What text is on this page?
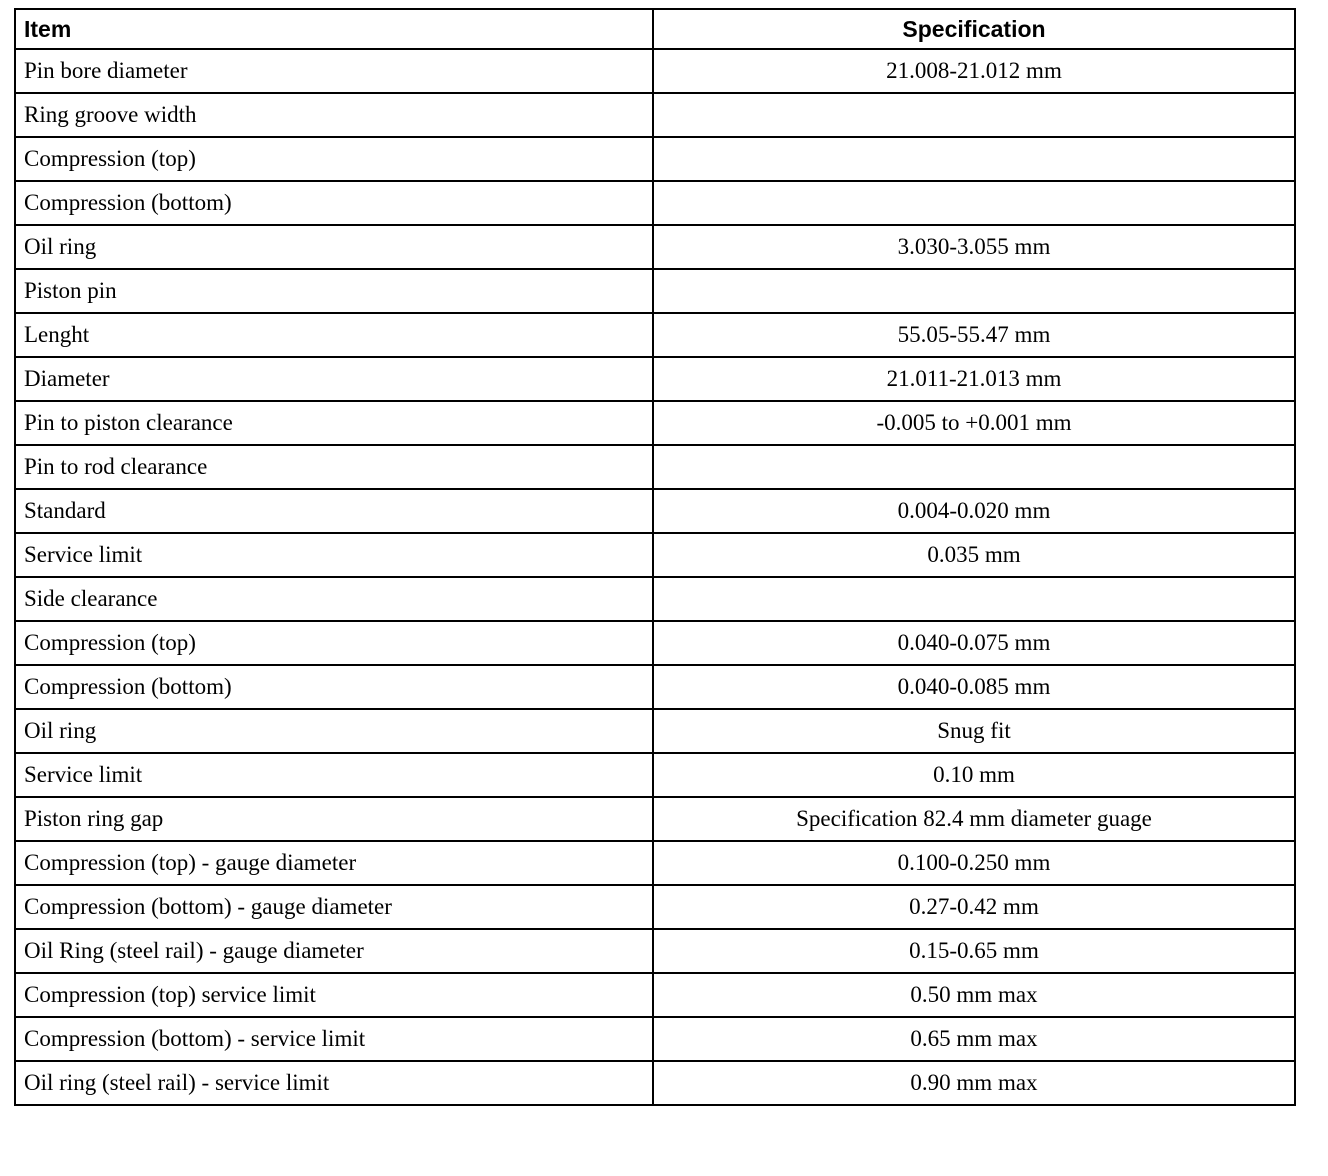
Item	Specification
Pin bore diameter	21.008-21.012 mm
Ring groove width	
Compression (top)	
Compression (bottom)	
Oil ring	3.030-3.055 mm
Piston pin	
Lenght	55.05-55.47 mm
Diameter	21.011-21.013 mm
Pin to piston clearance	-0.005 to +0.001 mm
Pin to rod clearance	
Standard	0.004-0.020 mm
Service limit	0.035 mm
Side clearance	
Compression (top)	0.040-0.075 mm
Compression (bottom)	0.040-0.085 mm
Oil ring	Snug fit
Service limit	0.10 mm
Piston ring gap	Specification 82.4 mm diameter guage
Compression (top) - gauge diameter	0.100-0.250 mm
Compression (bottom) - gauge diameter	0.27-0.42 mm
Oil Ring (steel rail) - gauge diameter	0.15-0.65 mm
Compression (top) service limit	0.50 mm max
Compression (bottom) - service limit	0.65 mm max
Oil ring (steel rail) - service limit	0.90 mm max
